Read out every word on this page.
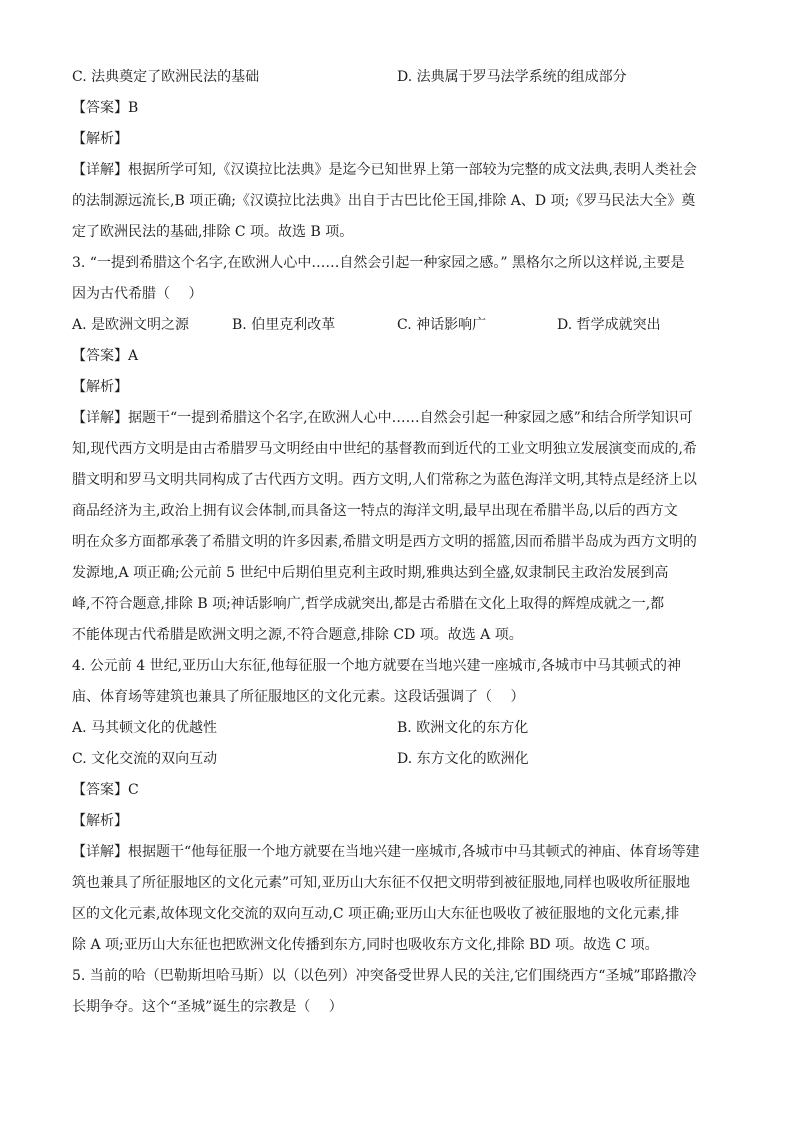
C. 法典奠定了欧洲民法的基础	D. 法典属于罗马法学系统的组成部分
【答案】B
【解析】
【详解】根据所学可知,《汉谟拉比法典》是迄今已知世界上第一部较为完整的成文法典,表明人类社会
的法制源远流长,B 项正确;《汉谟拉比法典》出自于古巴比伦王国,排除 A、D 项;《罗马民法大全》奠
定了欧洲民法的基础,排除 C 项。故选 B 项。
3. “一提到希腊这个名字,在欧洲人心中……自然会引起一种家园之感。” 黑格尔之所以这样说,主要是
因为古代希腊（　 ）
A. 是欧洲文明之源	B. 伯里克利改革	C. 神话影响广	D. 哲学成就突出
【答案】A
【解析】
【详解】据题干“一提到希腊这个名字,在欧洲人心中……自然会引起一种家园之感”和结合所学知识可
知,现代西方文明是由古希腊罗马文明经由中世纪的基督教而到近代的工业文明独立发展演变而成的,希
腊文明和罗马文明共同构成了古代西方文明。西方文明,人们常称之为蓝色海洋文明,其特点是经济上以
商品经济为主,政治上拥有议会体制,而具备这一特点的海洋文明,最早出现在希腊半岛,以后的西方文
明在众多方面都承袭了希腊文明的许多因素,希腊文明是西方文明的摇篮,因而希腊半岛成为西方文明的
发源地,A 项正确;公元前 5 世纪中后期伯里克利主政时期,雅典达到全盛,奴隶制民主政治发展到高
峰,不符合题意,排除 B 项;神话影响广,哲学成就突出,都是古希腊在文化上取得的辉煌成就之一,都
不能体现古代希腊是欧洲文明之源,不符合题意,排除 CD 项。故选 A 项。
4. 公元前 4 世纪,亚历山大东征,他每征服一个地方就要在当地兴建一座城市,各城市中马其顿式的神
庙、体育场等建筑也兼具了所征服地区的文化元素。这段话强调了（　 ）
A. 马其顿文化的优越性	B. 欧洲文化的东方化
C. 文化交流的双向互动	D. 东方文化的欧洲化
【答案】C
【解析】
【详解】根据题干“他每征服一个地方就要在当地兴建一座城市,各城市中马其顿式的神庙、体育场等建
筑也兼具了所征服地区的文化元素”可知,亚历山大东征不仅把文明带到被征服地,同样也吸收所征服地
区的文化元素,故体现文化交流的双向互动,C 项正确;亚历山大东征也吸收了被征服地的文化元素,排
除 A 项;亚历山大东征也把欧洲文化传播到东方,同时也吸收东方文化,排除 BD 项。故选 C 项。
5. 当前的哈（巴勒斯坦哈马斯）以（以色列）冲突备受世界人民的关注,它们围绕西方“圣城”耶路撒冷
长期争夺。这个“圣城”诞生的宗教是（　 ）
